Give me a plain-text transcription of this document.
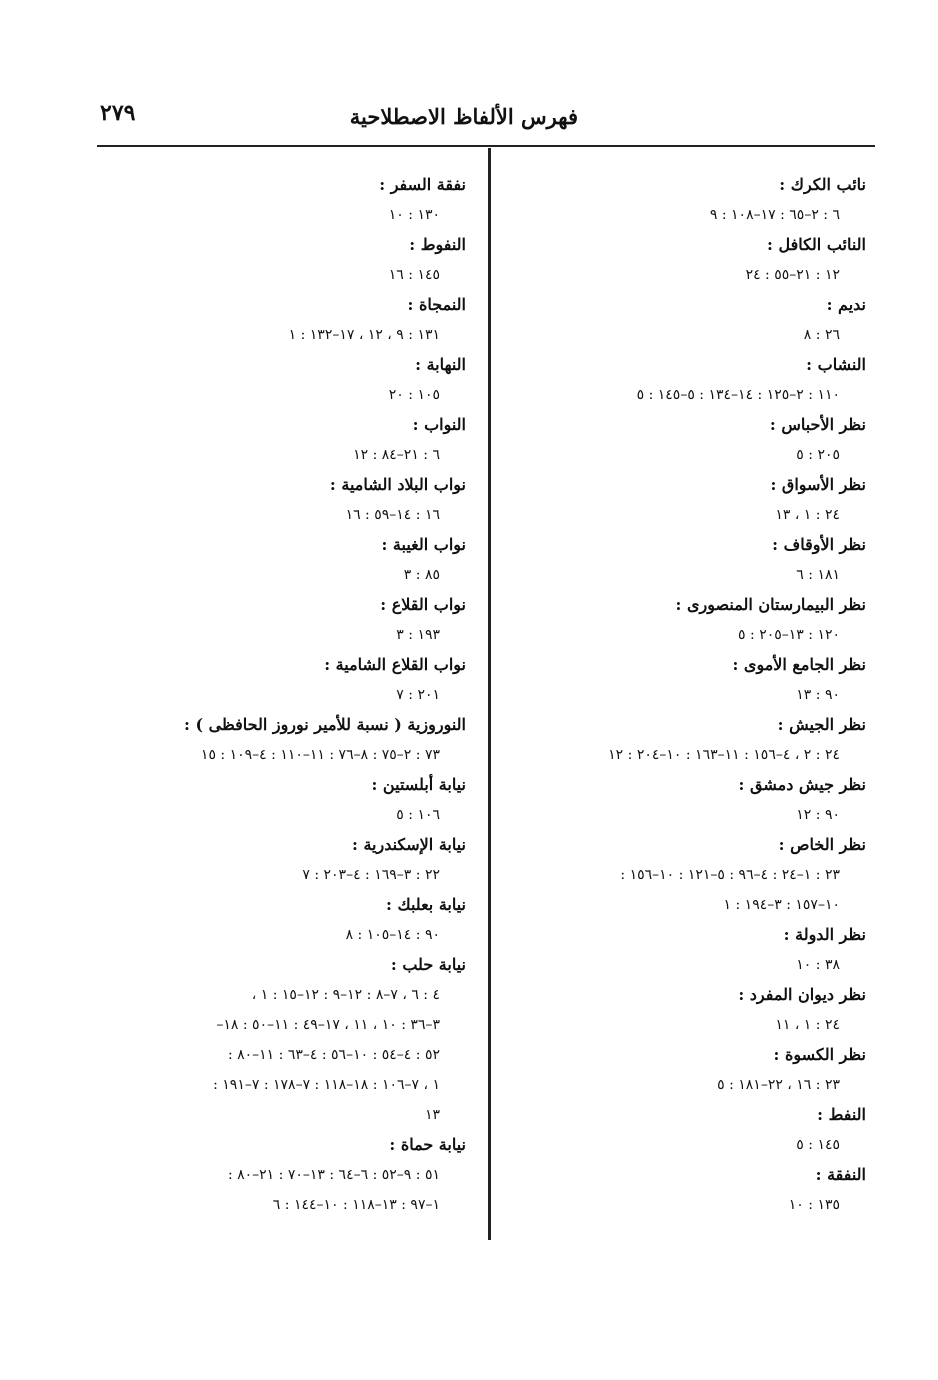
فهرس الألفاظ الاصطلاحية
٢٧٩
نائب الكرك :
٦ : ٢–٦٥ : ١٧–١٠٨ : ٩
النائب الكافل :
١٢ : ٢١–٥٥ : ٢٤
نديم :
٢٦ : ٨
النشاب :
١١٠ : ٢–١٢٥ : ١٤–١٣٤ : ٥–١٤٥ : ٥
نظر الأحباس :
٢٠٥ : ٥
نظر الأسواق :
٢٤ : ١ ، ١٣
نظر الأوقاف :
١٨١ : ٦
نظر البيمارستان المنصورى :
١٢٠ : ١٣–٢٠٥ : ٥
نظر الجامع الأموى :
٩٠ : ١٣
نظر الجيش :
٢٤ : ٢ ، ٤–١٥٦ : ١١–١٦٣ : ١٠–٢٠٤ : ١٢
نظر جيش دمشق :
٩٠ : ١٢
نظر الخاص :
٢٣ : ١–٢٤ : ٤–٩٦ : ٥–١٢١ : ١٠–١٥٦ :
١٠–١٥٧ : ٣–١٩٤ : ١
نظر الدولة :
٣٨ : ١٠
نظر ديوان المفرد :
٢٤ : ١ ، ١١
نظر الكسوة :
٢٣ : ١٦ ، ٢٢–١٨١ : ٥
النفط :
١٤٥ : ٥
النفقة :
١٣٥ : ١٠
نفقة السفر :
١٣٠ : ١٠
النفوط :
١٤٥ : ١٦
النمجاة :
١٣١ : ٩ ، ١٢ ، ١٧–١٣٢ : ١
النهابة :
١٠٥ : ٢٠
النواب :
٦ : ٢١–٨٤ : ١٢
نواب البلاد الشامية :
١٦ : ١٤–٥٩ : ١٦
نواب الغيبة :
٨٥ : ٣
نواب القلاع :
١٩٣ : ٣
نواب القلاع الشامية :
٢٠١ : ٧
النوروزية ( نسبة للأمير نوروز الحافظى ) :
٧٣ : ٢–٧٥ : ٨–٧٦ : ١١–١١٠ : ٤–١٠٩ : ١٥
نيابة أبلستين :
١٠٦ : ٥
نيابة الإسكندرية :
٢٢ : ٣–١٦٩ : ٤–٢٠٣ : ٧
نيابة بعلبك :
٩٠ : ١٤–١٠٥ : ٨
نيابة حلب :
٤ : ٦ ، ٧–٨ : ١٢–٩ : ١٢–١٥ : ١ ،
٣–٣٦ : ١٠ ، ١١ ، ١٧–٤٩ : ١١–٥٠ : ١٨–
٥٢ : ٤–٥٤ : ١٠–٥٦ : ٤–٦٣ : ١١–٨٠ :
١ ، ٧–١٠٦ : ١٨–١١٨ : ٧–١٧٨ : ٧–١٩١ :
١٣
نيابة حماة :
٥١ : ٩–٥٢ : ٦–٦٤ : ١٣–٧٠ : ٢١–٨٠ :
١–٩٧ : ١٣–١١٨ : ١٠–١٤٤ : ٦
